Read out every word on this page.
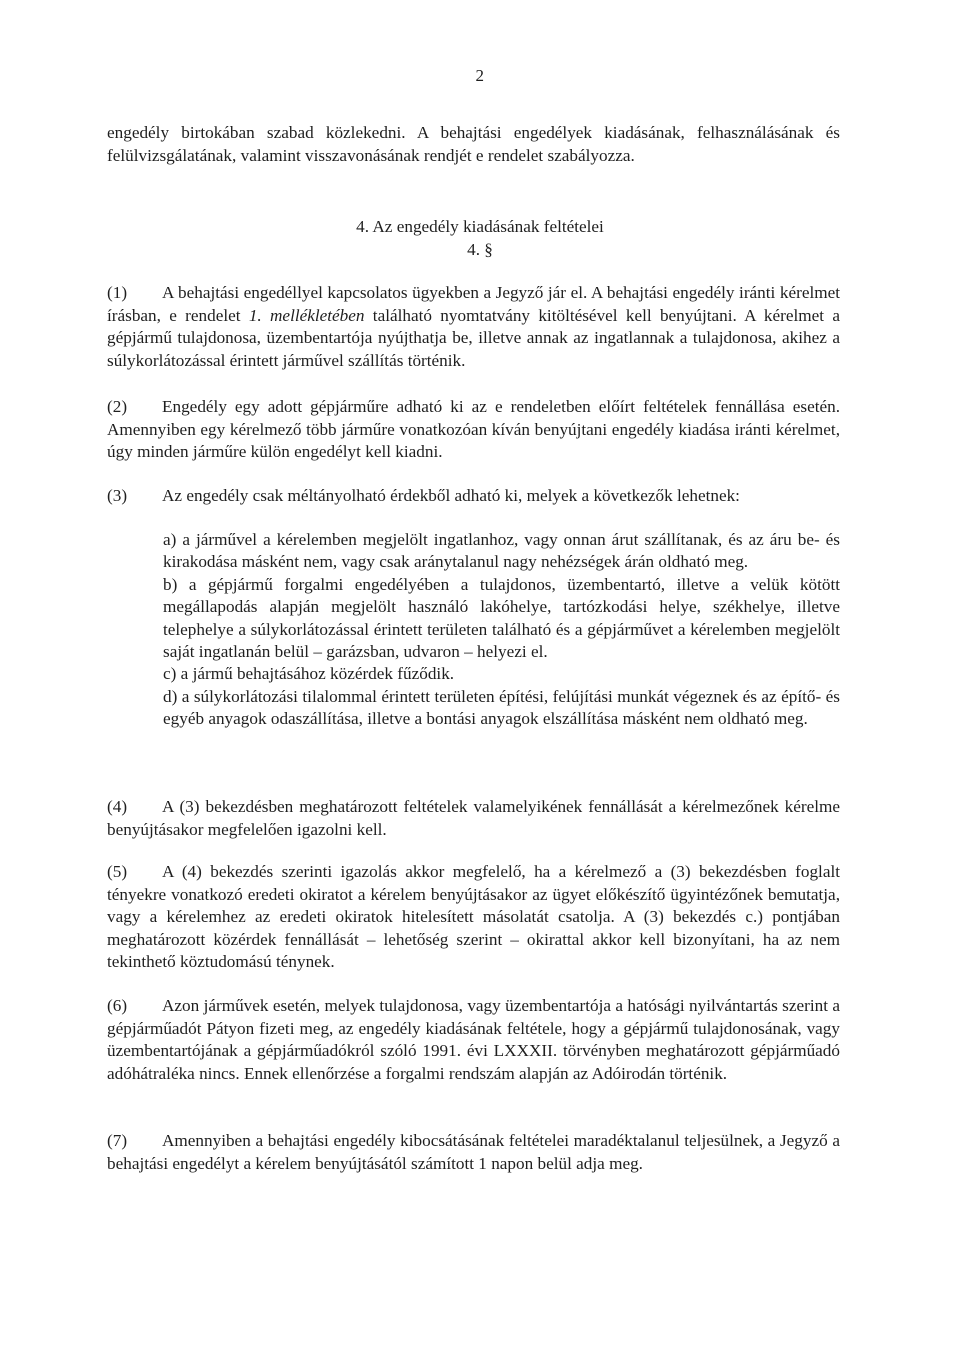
2
engedély birtokában szabad közlekedni. A behajtási engedélyek kiadásának, felhasználásának és felülvizsgálatának, valamint visszavonásának rendjét e rendelet szabályozza.
4. Az engedély kiadásának feltételei
4. §
(1) A behajtási engedéllyel kapcsolatos ügyekben a Jegyző jár el. A behajtási engedély iránti kérelmet írásban, e rendelet 1. mellékletében található nyomtatvány kitöltésével kell benyújtani. A kérelmet a gépjármű tulajdonosa, üzembentartója nyújthatja be, illetve annak az ingatlannak a tulajdonosa, akihez a súlykorlátozással érintett járművel szállítás történik.
(2) Engedély egy adott gépjárműre adható ki az e rendeletben előírt feltételek fennállása esetén. Amennyiben egy kérelmező több járműre vonatkozóan kíván benyújtani engedély kiadása iránti kérelmet, úgy minden járműre külön engedélyt kell kiadni.
(3) Az engedély csak méltányolható érdekből adható ki, melyek a következők lehetnek:

a) a járművel a kérelemben megjelölt ingatlanhoz, vagy onnan árut szállítanak, és az áru be- és kirakodása másként nem, vagy csak aránytalanul nagy nehézségek árán oldható meg.

b) a gépjármű forgalmi engedélyében a tulajdonos, üzembentartó, illetve a velük kötött megállapodás alapján megjelölt használó lakóhelye, tartózkodási helye, székhelye, illetve telephelye a súlykorlátozással érintett területen található és a gépjárművet a kérelemben megjelölt saját ingatlanán belül – garázsban, udvaron – helyezi el.

c) a jármű behajtásához közérdek fűződik.

d) a súlykorlátozási tilalommal érintett területen építési, felújítási munkát végeznek és az építő- és egyéb anyagok odaszállítása, illetve a bontási anyagok elszállítása másként nem oldható meg.

(4) A (3) bekezdésben meghatározott feltételek valamelyikének fennállását a kérelmezőnek kérelme benyújtásakor megfelelően igazolni kell.
(5) A (4) bekezdés szerinti igazolás akkor megfelelő, ha a kérelmező a (3) bekezdésben foglalt tényekre vonatkozó eredeti okiratot a kérelem benyújtásakor az ügyet előkészítő ügyintézőnek bemutatja, vagy a kérelemhez az eredeti okiratok hitelesített másolatát csatolja. A (3) bekezdés c.) pontjában meghatározott közérdek fennállását – lehetőség szerint – okirattal akkor kell bizonyítani, ha az nem tekinthető köztudomású ténynek.
(6) Azon járművek esetén, melyek tulajdonosa, vagy üzembentartója a hatósági nyilvántartás szerint a gépjárműadót Pátyon fizeti meg, az engedély kiadásának feltétele, hogy a gépjármű tulajdonosának, vagy üzembentartójának a gépjárműadókról szóló 1991. évi LXXXII. törvényben meghatározott gépjárműadó adóhátraléka nincs. Ennek ellenőrzése a forgalmi rendszám alapján az Adóirodán történik.
(7) Amennyiben a behajtási engedély kibocsátásának feltételei maradéktalanul teljesülnek, a Jegyző a behajtási engedélyt a kérelem benyújtásától számított 1 napon belül adja meg.
